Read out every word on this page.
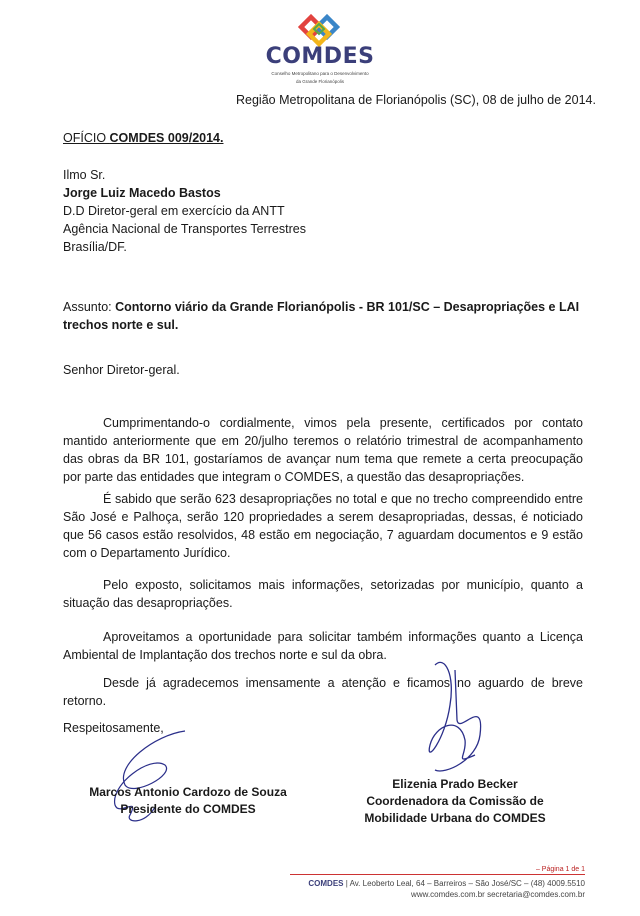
COMDES
Conselho Metropolitano para o Desenvolvimento
da Grande Florianópolis
Região Metropolitana de Florianópolis (SC), 08 de julho de 2014.
OFÍCIO COMDES 009/2014.
Ilmo Sr.
Jorge Luiz Macedo Bastos
D.D Diretor-geral em exercício da ANTT
Agência Nacional de Transportes Terrestres
Brasília/DF.
Assunto: Contorno viário da Grande Florianópolis - BR 101/SC – Desapropriações e LAI
trechos norte e sul.
Senhor Diretor-geral.
Cumprimentando-o cordialmente, vimos pela presente, certificados por contato mantido anteriormente que em 20/julho teremos o relatório trimestral de acompanhamento das obras da BR 101, gostaríamos de avançar num tema que remete a certa preocupação por parte das entidades que integram o COMDES, a questão das desapropriações.
É sabido que serão 623 desapropriações no total e que no trecho compreendido entre São José e Palhoça, serão 120 propriedades a serem desapropriadas, dessas, é noticiado que 56 casos estão resolvidos, 48 estão em negociação, 7 aguardam documentos e 9 estão com o Departamento Jurídico.
Pelo exposto, solicitamos mais informações, setorizadas por município, quanto a situação das desapropriações.
Aproveitamos a oportunidade para solicitar também informações quanto a Licença Ambiental de Implantação dos trechos norte e sul da obra.
Desde já agradecemos imensamente a atenção e ficamos no aguardo de breve retorno.
Respeitosamente,
Marcos Antonio Cardozo de Souza
Presidente do COMDES
Elizenia Prado Becker
Coordenadora da Comissão de
Mobilidade Urbana do COMDES
– Página 1 de 1
COMDES | Av. Leoberto Leal, 64 – Barreiros – São José/SC – (48) 4009.5510
www.comdes.com.br secretaria@comdes.com.br
